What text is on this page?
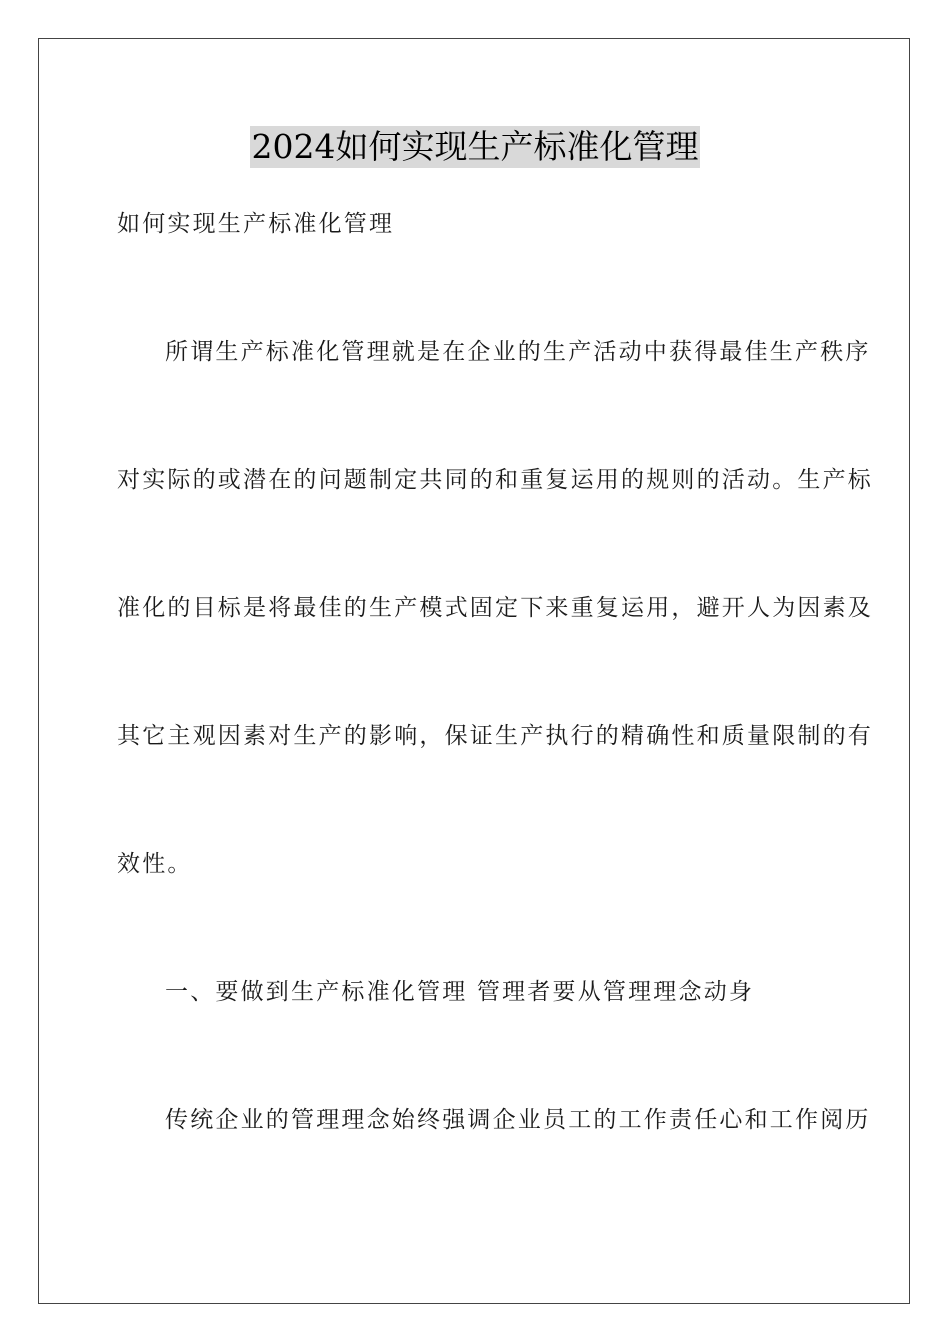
2024如何实现生产标准化管理
如何实现生产标准化管理
所谓生产标准化管理就是在企业的生产活动中获得最佳生产秩序
对实际的或潜在的问题制定共同的和重复运用的规则的活动。生产标
准化的目标是将最佳的生产模式固定下来重复运用，避开人为因素及
其它主观因素对生产的影响，保证生产执行的精确性和质量限制的有
效性。
一、要做到生产标准化管理 管理者要从管理理念动身
传统企业的管理理念始终强调企业员工的工作责任心和工作阅历
